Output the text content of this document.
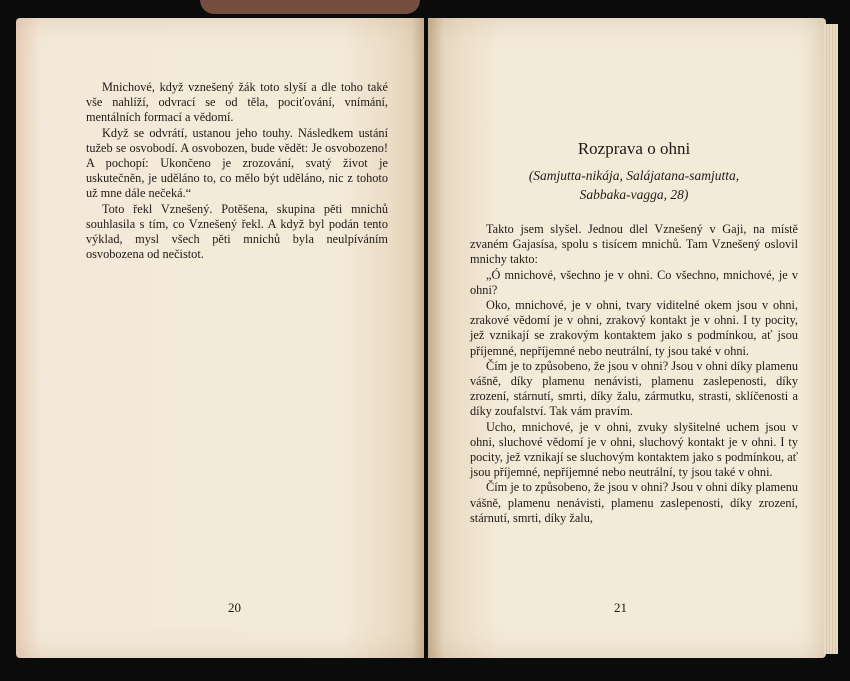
Mnichové, když vznešený žák toto slyší a dle toho také vše nahlíží, odvrací se od těla, pociťování, vnímání, mentálních formací a vědomí.

Když se odvrátí, ustanou jeho touhy. Následkem ustání tužeb se osvobodí. A osvobozen, bude vědět: Je osvobozeno! A pochopí: Ukončeno je zrozování, svatý život je uskutečněn, je uděláno to, co mělo být uděláno, nic z tohoto už mne dále nečeká.“

Toto řekl Vznešený. Potěšena, skupina pěti mnichů souhlasila s tím, co Vznešený řekl. A když byl podán tento výklad, mysl všech pěti mnichů byla neulpíváním osvobozena od nečistot.

20
Rozprava o ohni
(Samjutta-nikája, Salájatana-samjutta,
Sabbaka-vagga, 28)

Takto jsem slyšel. Jednou dlel Vznešený v Gaji, na místě zvaném Gajasísa, spolu s tisícem mnichů. Tam Vznešený oslovil mnichy takto:

„Ó mnichové, všechno je v ohni. Co všechno, mnichové, je v ohni?

Oko, mnichové, je v ohni, tvary viditelné okem jsou v ohni, zrakové vědomí je v ohni, zrakový kontakt je v ohni. I ty pocity, jež vznikají se zrakovým kontaktem jako s podmínkou, ať jsou příjemné, nepříjemné nebo neutrální, ty jsou také v ohni.

Čím je to způsobeno, že jsou v ohni? Jsou v ohni díky plamenu vášně, díky plamenu nenávisti, plamenu zaslepenosti, díky zrození, stárnutí, smrti, díky žalu, zármutku, strasti, sklíčenosti a díky zoufalství. Tak vám pravím.

Ucho, mnichové, je v ohni, zvuky slyšitelné uchem jsou v ohni, sluchové vědomí je v ohni, sluchový kontakt je v ohni. I ty pocity, jež vznikají se sluchovým kontaktem jako s podmínkou, ať jsou příjemné, nepříjemné nebo neutrální, ty jsou také v ohni.

Čím je to způsobeno, že jsou v ohni? Jsou v ohni díky plamenu vášně, plamenu nenávisti, plamenu zaslepenosti, díky zrození, stárnutí, smrti, díky žalu,

21
